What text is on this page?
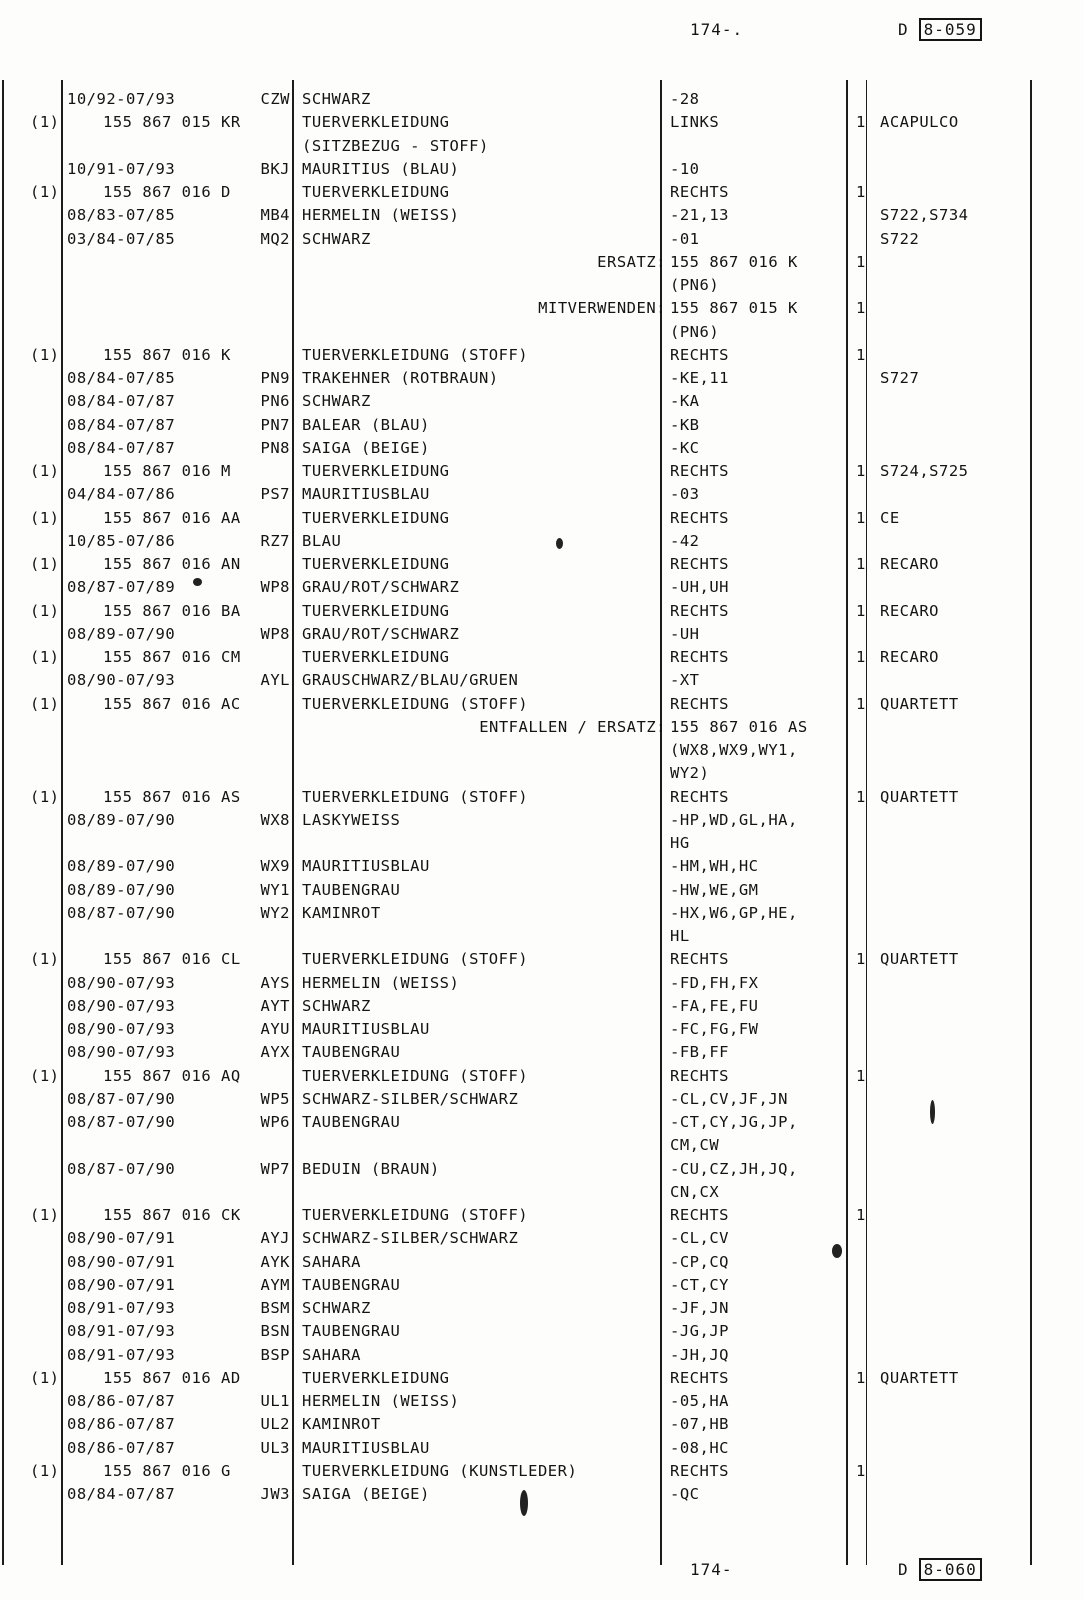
174-.	D 8-059
10/92-07/93	CZW SCHWARZ	-28
(1)	155 867 015 KR	TUERVERKLEIDUNG	LINKS	1 ACAPULCO
(SITZBEZUG - STOFF)
10/91-07/93	BKJ MAURITIUS (BLAU)	-10
(1)	155 867 016 D	TUERVERKLEIDUNG	RECHTS	1
08/83-07/85	MB4 HERMELIN (WEISS)	-21,13	S722,S734
03/84-07/85	MQ2 SCHWARZ	-01	S722
ERSATZ: 155 867 016 K	1
(PN6)
MITVERWENDEN: 155 867 015 K	1
(PN6)
(1)	155 867 016 K	TUERVERKLEIDUNG (STOFF)	RECHTS	1
08/84-07/85	PN9 TRAKEHNER (ROTBRAUN)	-KE,11	S727
08/84-07/87	PN6 SCHWARZ	-KA
08/84-07/87	PN7 BALEAR (BLAU)	-KB
08/84-07/87	PN8 SAIGA (BEIGE)	-KC
(1)	155 867 016 M	TUERVERKLEIDUNG	RECHTS	1 S724,S725
04/84-07/86	PS7 MAURITIUSBLAU	-03
(1)	155 867 016 AA	TUERVERKLEIDUNG	RECHTS	1 CE
10/85-07/86	RZ7 BLAU	-42
(1)	155 867 016 AN	TUERVERKLEIDUNG	RECHTS	1 RECARO
08/87-07/89	WP8 GRAU/ROT/SCHWARZ	-UH,UH
(1)	155 867 016 BA	TUERVERKLEIDUNG	RECHTS	1 RECARO
08/89-07/90	WP8 GRAU/ROT/SCHWARZ	-UH
(1)	155 867 016 CM	TUERVERKLEIDUNG	RECHTS	1 RECARO
08/90-07/93	AYL GRAUSCHWARZ/BLAU/GRUEN	-XT
(1)	155 867 016 AC	TUERVERKLEIDUNG (STOFF)	RECHTS	1 QUARTETT
ENTFALLEN / ERSATZ: 155 867 016 AS
(WX8,WX9,WY1,
WY2)
(1)	155 867 016 AS	TUERVERKLEIDUNG (STOFF)	RECHTS	1 QUARTETT
08/89-07/90	WX8 LASKYWEISS	-HP,WD,GL,HA,
HG
08/89-07/90	WX9 MAURITIUSBLAU	-HM,WH,HC
08/89-07/90	WY1 TAUBENGRAU	-HW,WE,GM
08/87-07/90	WY2 KAMINROT	-HX,W6,GP,HE,
HL
(1)	155 867 016 CL	TUERVERKLEIDUNG (STOFF)	RECHTS	1 QUARTETT
08/90-07/93	AYS HERMELIN (WEISS)	-FD,FH,FX
08/90-07/93	AYT SCHWARZ	-FA,FE,FU
08/90-07/93	AYU MAURITIUSBLAU	-FC,FG,FW
08/90-07/93	AYX TAUBENGRAU	-FB,FF
(1)	155 867 016 AQ	TUERVERKLEIDUNG (STOFF)	RECHTS	1
08/87-07/90	WP5 SCHWARZ-SILBER/SCHWARZ	-CL,CV,JF,JN
08/87-07/90	WP6 TAUBENGRAU	-CT,CY,JG,JP,
CM,CW
08/87-07/90	WP7 BEDUIN (BRAUN)	-CU,CZ,JH,JQ,
CN,CX
(1)	155 867 016 CK	TUERVERKLEIDUNG (STOFF)	RECHTS	1
08/90-07/91	AYJ SCHWARZ-SILBER/SCHWARZ	-CL,CV
08/90-07/91	AYK SAHARA	-CP,CQ
08/90-07/91	AYM TAUBENGRAU	-CT,CY
08/91-07/93	BSM SCHWARZ	-JF,JN
08/91-07/93	BSN TAUBENGRAU	-JG,JP
08/91-07/93	BSP SAHARA	-JH,JQ
(1)	155 867 016 AD	TUERVERKLEIDUNG	RECHTS	1 QUARTETT
08/86-07/87	UL1 HERMELIN (WEISS)	-05,HA
08/86-07/87	UL2 KAMINROT	-07,HB
08/86-07/87	UL3 MAURITIUSBLAU	-08,HC
(1)	155 867 016 G	TUERVERKLEIDUNG (KUNSTLEDER)	RECHTS	1
08/84-07/87	JW3 SAIGA (BEIGE)	-QC
174-	D 8-060
